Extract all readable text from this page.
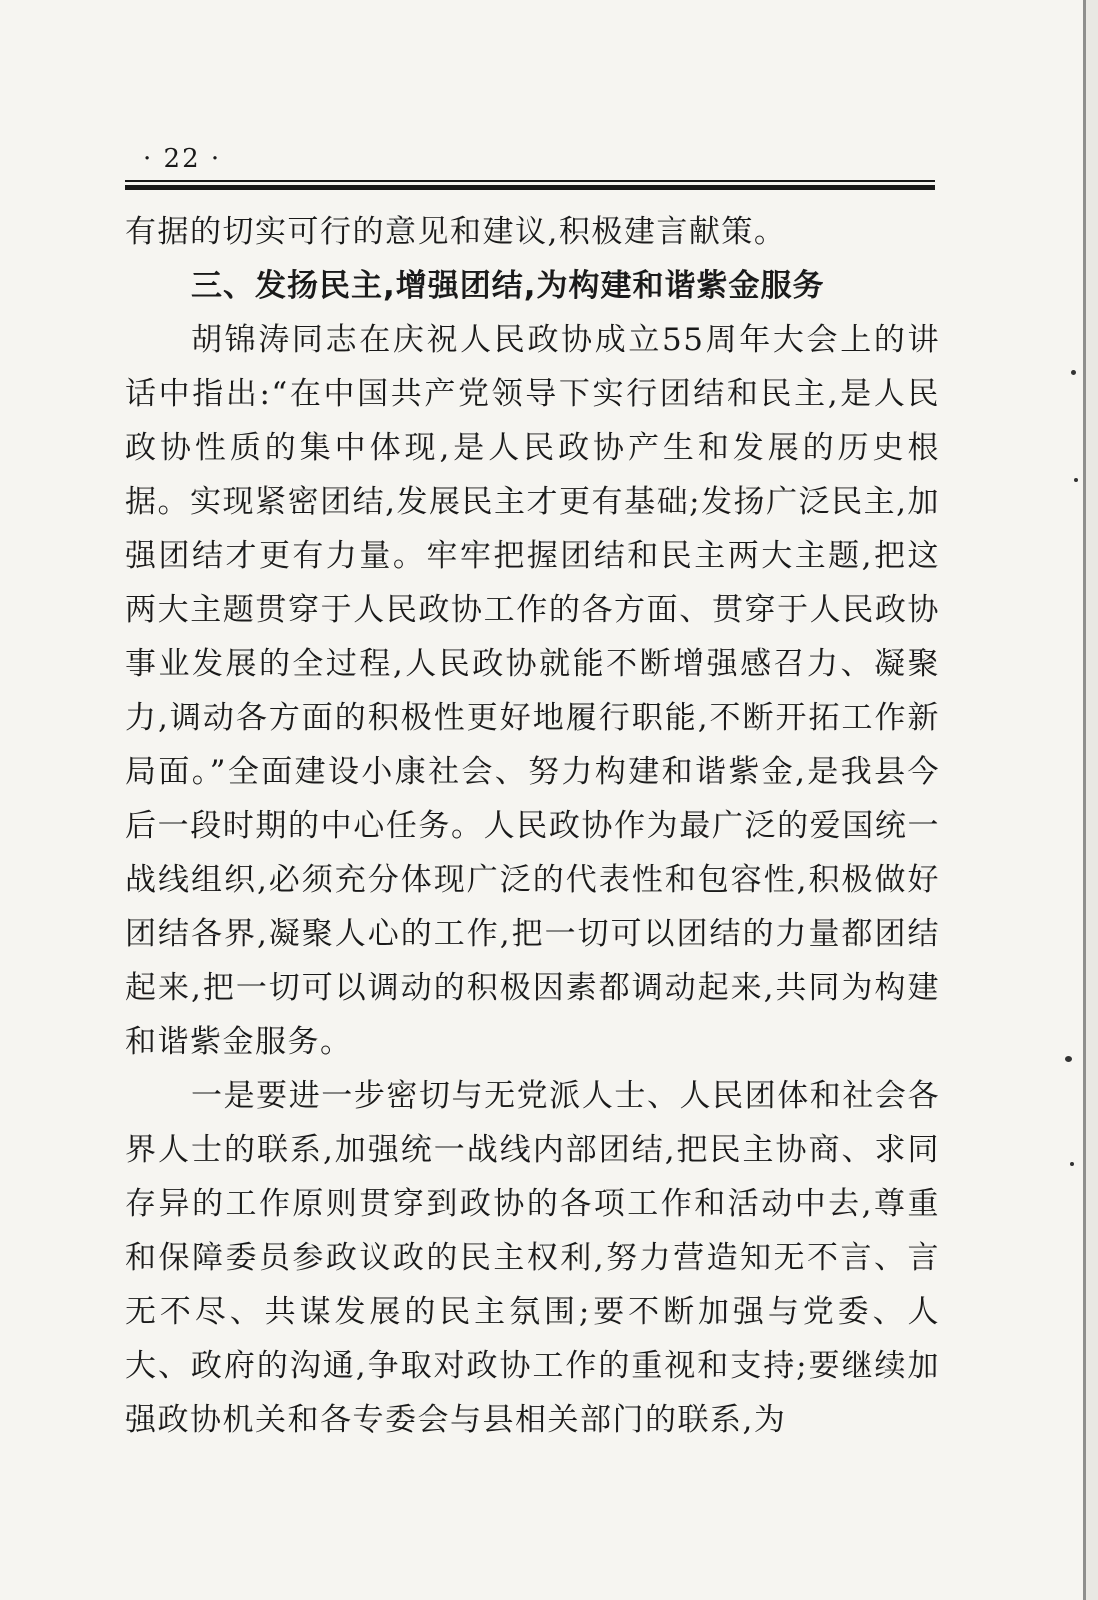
· 22 ·

有据的切实可行的意见和建议,积极建言献策。

三、发扬民主,增强团结,为构建和谐紫金服务

胡锦涛同志在庆祝人民政协成立55周年大会上的讲话中指出:“在中国共产党领导下实行团结和民主,是人民政协性质的集中体现,是人民政协产生和发展的历史根据。实现紧密团结,发展民主才更有基础;发扬广泛民主,加强团结才更有力量。牢牢把握团结和民主两大主题,把这两大主题贯穿于人民政协工作的各方面、贯穿于人民政协事业发展的全过程,人民政协就能不断增强感召力、凝聚力,调动各方面的积极性更好地履行职能,不断开拓工作新局面。”全面建设小康社会、努力构建和谐紫金,是我县今后一段时期的中心任务。人民政协作为最广泛的爱国统一战线组织,必须充分体现广泛的代表性和包容性,积极做好团结各界,凝聚人心的工作,把一切可以团结的力量都团结起来,把一切可以调动的积极因素都调动起来,共同为构建和谐紫金服务。

一是要进一步密切与无党派人士、人民团体和社会各界人士的联系,加强统一战线内部团结,把民主协商、求同存异的工作原则贯穿到政协的各项工作和活动中去,尊重和保障委员参政议政的民主权利,努力营造知无不言、言无不尽、共谋发展的民主氛围;要不断加强与党委、人大、政府的沟通,争取对政协工作的重视和支持;要继续加强政协机关和各专委会与县相关部门的联系,为
